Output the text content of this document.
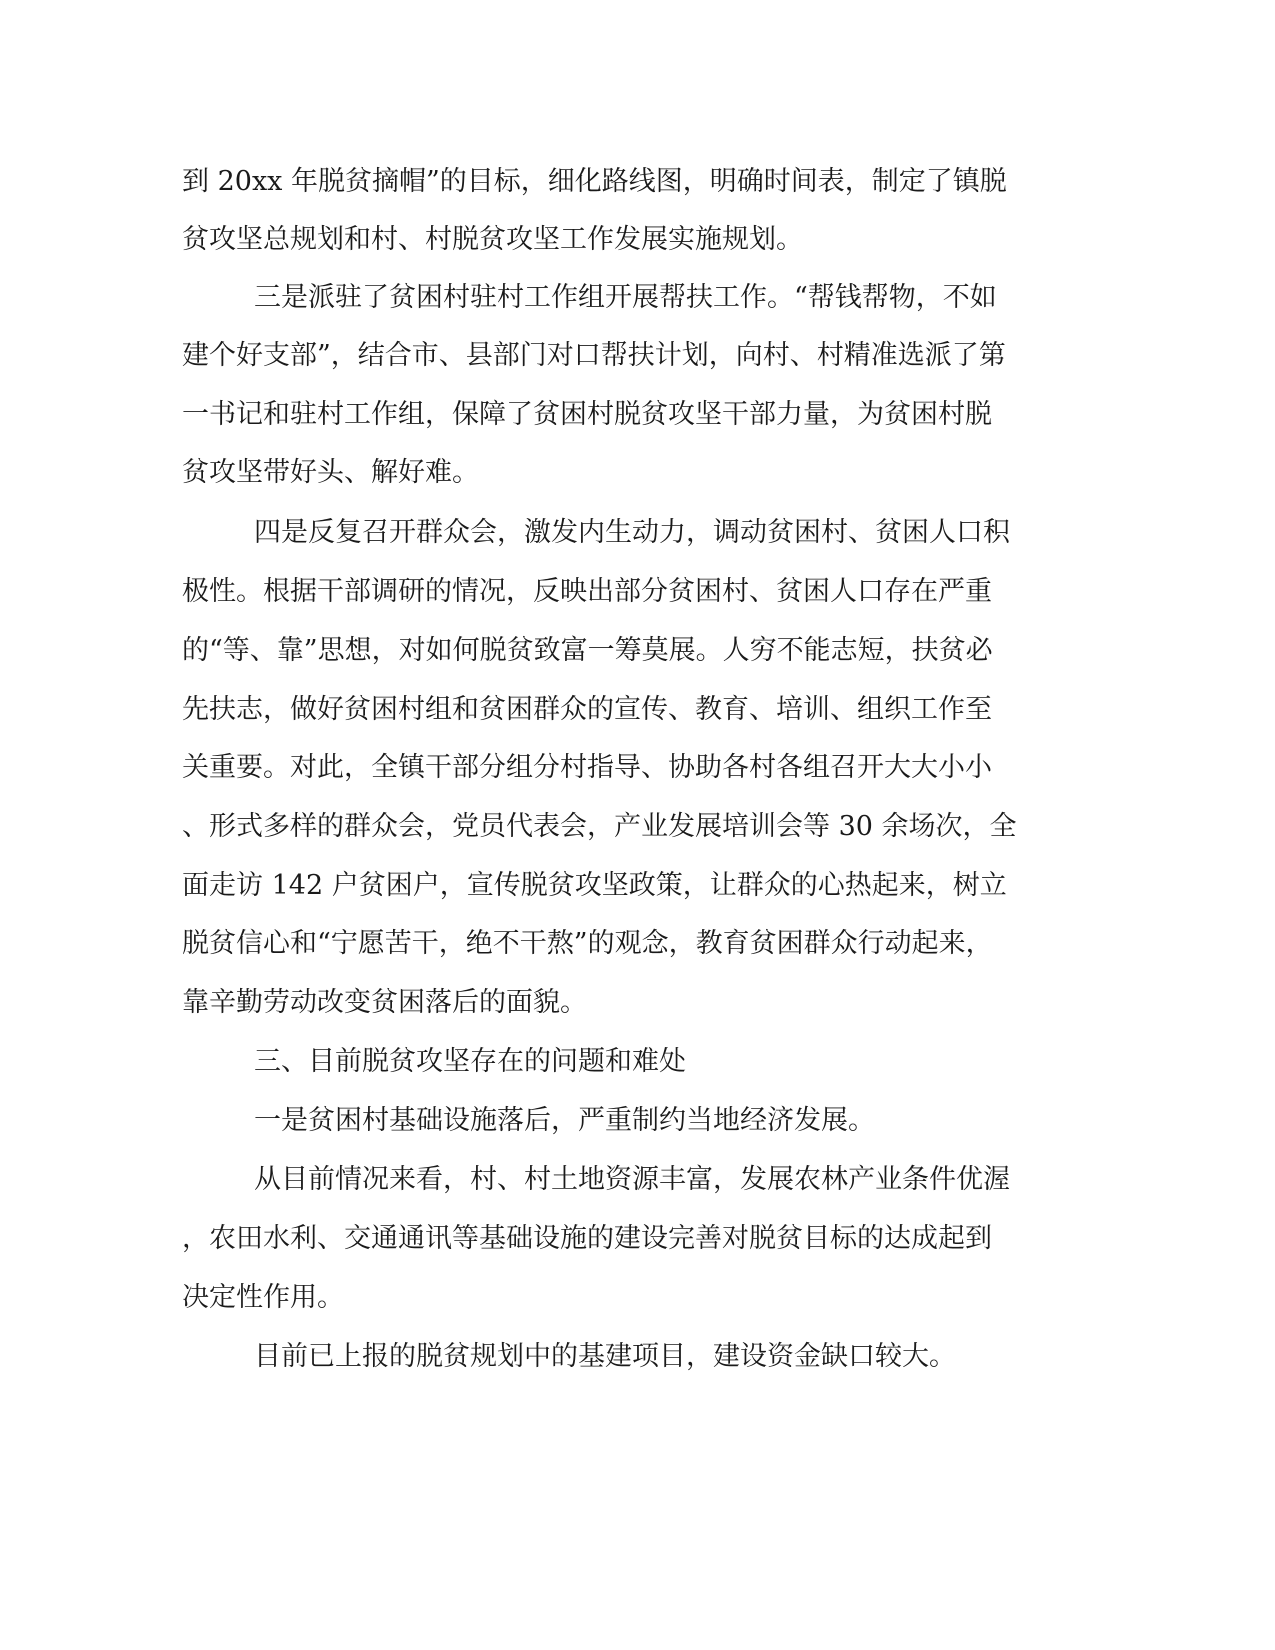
到 20xx 年脱贫摘帽”的目标，细化路线图，明确时间表，制定了镇脱
贫攻坚总规划和村、村脱贫攻坚工作发展实施规划。
三是派驻了贫困村驻村工作组开展帮扶工作。“帮钱帮物，不如
建个好支部”，结合市、县部门对口帮扶计划，向村、村精准选派了第
一书记和驻村工作组，保障了贫困村脱贫攻坚干部力量，为贫困村脱
贫攻坚带好头、解好难。
四是反复召开群众会，激发内生动力，调动贫困村、贫困人口积
极性。根据干部调研的情况，反映出部分贫困村、贫困人口存在严重
的“等、靠”思想，对如何脱贫致富一筹莫展。人穷不能志短，扶贫必
先扶志，做好贫困村组和贫困群众的宣传、教育、培训、组织工作至
关重要。对此，全镇干部分组分村指导、协助各村各组召开大大小小
、形式多样的群众会，党员代表会，产业发展培训会等 30 余场次，全
面走访 142 户贫困户，宣传脱贫攻坚政策，让群众的心热起来，树立
脱贫信心和“宁愿苦干，绝不干熬”的观念，教育贫困群众行动起来，
靠辛勤劳动改变贫困落后的面貌。
三、目前脱贫攻坚存在的问题和难处
一是贫困村基础设施落后，严重制约当地经济发展。
从目前情况来看，村、村土地资源丰富，发展农林产业条件优渥
，农田水利、交通通讯等基础设施的建设完善对脱贫目标的达成起到
决定性作用。
目前已上报的脱贫规划中的基建项目，建设资金缺口较大。
